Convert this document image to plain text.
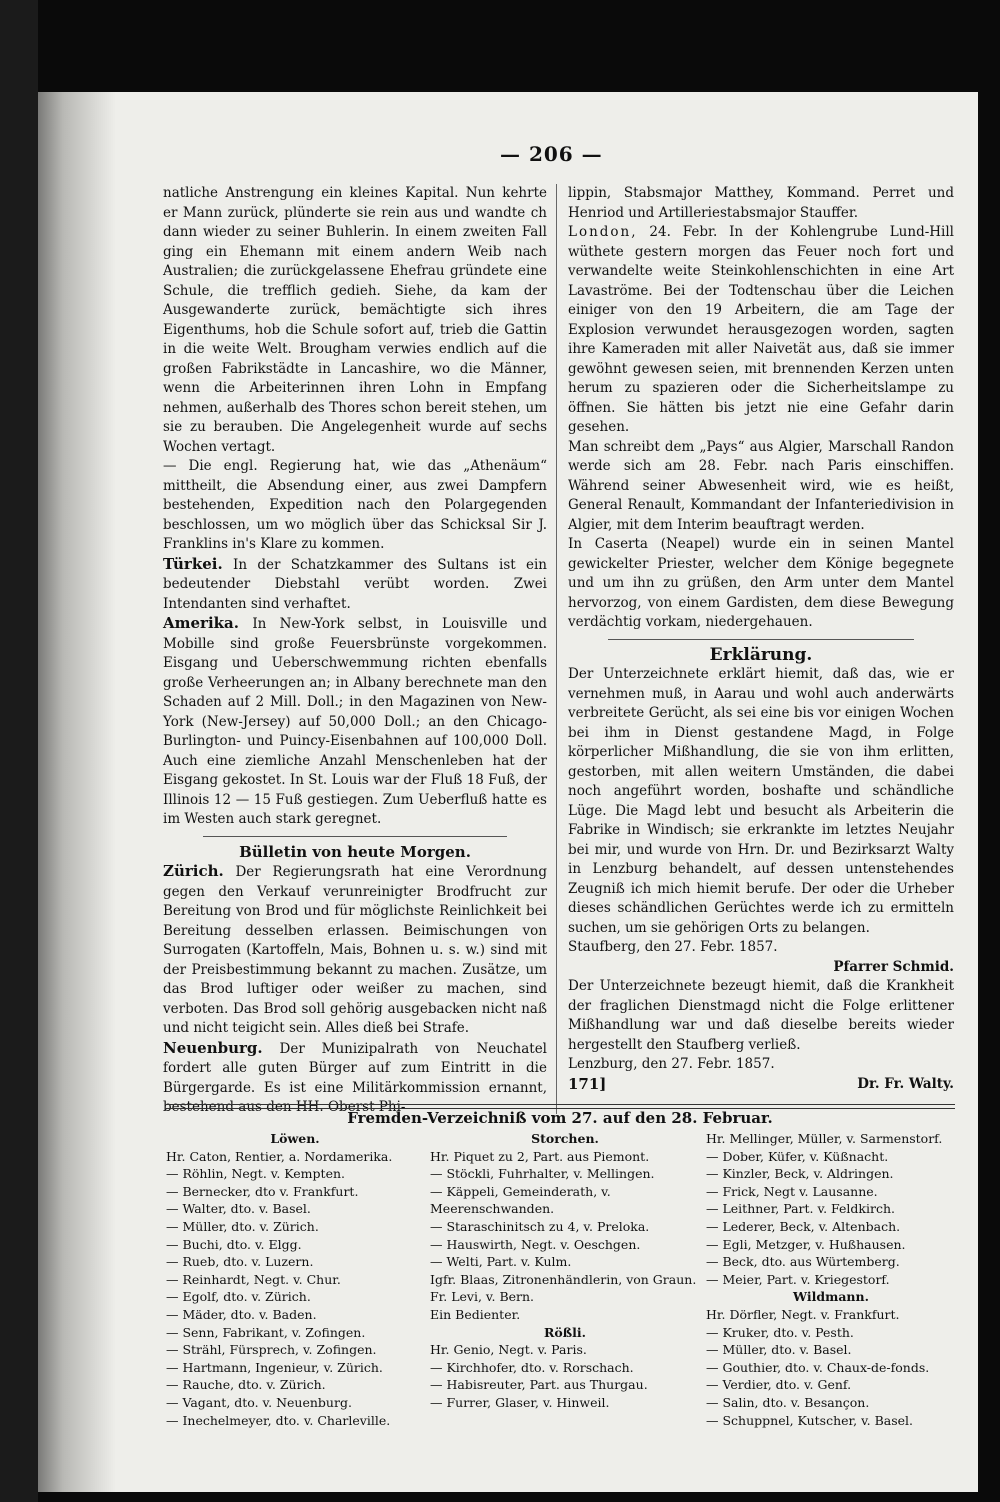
— 206 —

natliche Anstrengung ein kleines Kapital. Nun kehrte er Mann zurück, plünderte sie rein aus und wandte ch dann wieder zu seiner Buhlerin. In einem zweiten Fall ging ein Ehemann mit einem andern Weib nach Australien; die zurückgelassene Ehefrau gründete eine Schule, die trefflich gedieh. Siehe, da kam der Ausgewanderte zurück, bemächtigte sich ihres Eigenthums, hob die Schule sofort auf, trieb die Gattin in die weite Welt. Brougham verwies endlich auf die großen Fabrikstädte in Lancashire, wo die Männer, wenn die Arbeiterinnen ihren Lohn in Empfang nehmen, außerhalb des Thores schon bereit stehen, um sie zu berauben. Die Angelegenheit wurde auf sechs Wochen vertagt.

— Die engl. Regierung hat, wie das „Athenäum“ mittheilt, die Absendung einer, aus zwei Dampfern bestehenden, Expedition nach den Polargegenden beschlossen, um wo möglich über das Schicksal Sir J. Franklins in's Klare zu kommen.

Türkei. In der Schatzkammer des Sultans ist ein bedeutender Diebstahl verübt worden. Zwei Intendanten sind verhaftet.

Amerika. In New-York selbst, in Louisville und Mobille sind große Feuersbrünste vorgekommen. Eisgang und Ueberschwemmung richten ebenfalls große Verheerungen an; in Albany berechnete man den Schaden auf 2 Mill. Doll.; in den Magazinen von New-York (New-Jersey) auf 50,000 Doll.; an den Chicago-Burlington- und Puincy-Eisenbahnen auf 100,000 Doll. Auch eine ziemliche Anzahl Menschenleben hat der Eisgang gekostet. In St. Louis war der Fluß 18 Fuß, der Illinois 12 — 15 Fuß gestiegen. Zum Ueberfluß hatte es im Westen auch stark geregnet.

Bülletin von heute Morgen.

Zürich. Der Regierungsrath hat eine Verordnung gegen den Verkauf verunreinigter Brodfrucht zur Bereitung von Brod und für möglichste Reinlichkeit bei Bereitung desselben erlassen. Beimischungen von Surrogaten (Kartoffeln, Mais, Bohnen u. s. w.) sind mit der Preisbestimmung bekannt zu machen. Zusätze, um das Brod luftiger oder weißer zu machen, sind verboten. Das Brod soll gehörig ausgebacken nicht naß und nicht teigicht sein. Alles dieß bei Strafe.

Neuenburg. Der Munizipalrath von Neuchatel fordert alle guten Bürger auf zum Eintritt in die Bürgergarde. Es ist eine Militärkommission ernannt, bestehend aus den HH. Oberst Phi-

lippin, Stabsmajor Matthey, Kommand. Perret und Henriod und Artilleriestabsmajor Stauffer.

London, 24. Febr. In der Kohlengrube Lund-Hill wüthete gestern morgen das Feuer noch fort und verwandelte weite Steinkohlenschichten in eine Art Lavaströme. Bei der Todtenschau über die Leichen einiger von den 19 Arbeitern, die am Tage der Explosion verwundet herausgezogen worden, sagten ihre Kameraden mit aller Naivetät aus, daß sie immer gewöhnt gewesen seien, mit brennenden Kerzen unten herum zu spazieren oder die Sicherheitslampe zu öffnen. Sie hätten bis jetzt nie eine Gefahr darin gesehen.

Man schreibt dem „Pays“ aus Algier, Marschall Randon werde sich am 28. Febr. nach Paris einschiffen. Während seiner Abwesenheit wird, wie es heißt, General Renault, Kommandant der Infanteriedivision in Algier, mit dem Interim beauftragt werden.

In Caserta (Neapel) wurde ein in seinen Mantel gewickelter Priester, welcher dem Könige begegnete und um ihn zu grüßen, den Arm unter dem Mantel hervorzog, von einem Gardisten, dem diese Bewegung verdächtig vorkam, niedergehauen.

Erklärung.

Der Unterzeichnete erklärt hiemit, daß das, wie er vernehmen muß, in Aarau und wohl auch anderwärts verbreitete Gerücht, als sei eine bis vor einigen Wochen bei ihm in Dienst gestandene Magd, in Folge körperlicher Mißhandlung, die sie von ihm erlitten, gestorben, mit allen weitern Umständen, die dabei noch angeführt worden, boshafte und schändliche Lüge. Die Magd lebt und besucht als Arbeiterin die Fabrike in Windisch; sie erkrankte im letztes Neujahr bei mir, und wurde von Hrn. Dr. und Bezirksarzt Walty in Lenzburg behandelt, auf dessen untenstehendes Zeugniß ich mich hiemit berufe. Der oder die Urheber dieses schändlichen Gerüchtes werde ich zu ermitteln suchen, um sie gehörigen Orts zu belangen.

Staufberg, den 27. Febr. 1857.

Pfarrer Schmid.

Der Unterzeichnete bezeugt hiemit, daß die Krankheit der fraglichen Dienstmagd nicht die Folge erlittener Mißhandlung war und daß dieselbe bereits wieder hergestellt den Staufberg verließ.

Lenzburg, den 27. Febr. 1857.

171]	Dr. Fr. Walty.

Fremden-Verzeichniß vom 27. auf den 28. Februar.
Löwen.
Hr. Caton, Rentier, a. Nordamerika.
— Röhlin, Negt. v. Kempten.
— Bernecker, dto v. Frankfurt.
— Walter, dto. v. Basel.
— Müller, dto. v. Zürich.
— Buchi, dto. v. Elgg.
— Rueb, dto. v. Luzern.
— Reinhardt, Negt. v. Chur.
— Egolf, dto. v. Zürich.
— Mäder, dto. v. Baden.
— Senn, Fabrikant, v. Zofingen.
— Strähl, Fürsprech, v. Zofingen.
— Hartmann, Ingenieur, v. Zürich.
— Rauche, dto. v. Zürich.
— Vagant, dto. v. Neuenburg.
— Inechelmeyer, dto. v. Charleville.
Storchen.
Hr. Piquet zu 2, Part. aus Piemont.
— Stöckli, Fuhrhalter, v. Mellingen.
— Käppeli, Gemeinderath, v. Meerenschwanden.
— Staraschinitsch zu 4, v. Preloka.
— Hauswirth, Negt. v. Oeschgen.
— Welti, Part. v. Kulm.
Igfr. Blaas, Zitronenhändlerin, von Graun.
Fr. Levi, v. Bern.
Ein Bedienter.
Rößli.
Hr. Genio, Negt. v. Paris.
— Kirchhofer, dto. v. Rorschach.
— Habisreuter, Part. aus Thurgau.
— Furrer, Glaser, v. Hinweil.
Hr. Mellinger, Müller, v. Sarmenstorf.
— Dober, Küfer, v. Küßnacht.
— Kinzler, Beck, v. Aldringen.
— Frick, Negt v. Lausanne.
— Leithner, Part. v. Feldkirch.
— Lederer, Beck, v. Altenbach.
— Egli, Metzger, v. Hußhausen.
— Beck, dto. aus Würtemberg.
— Meier, Part. v. Kriegestorf.
Wildmann.
Hr. Dörfler, Negt. v. Frankfurt.
— Kruker, dto. v. Pesth.
— Müller, dto. v. Basel.
— Gouthier, dto. v. Chaux-de-fonds.
— Verdier, dto. v. Genf.
— Salin, dto. v. Besançon.
— Schuppnel, Kutscher, v. Basel.
